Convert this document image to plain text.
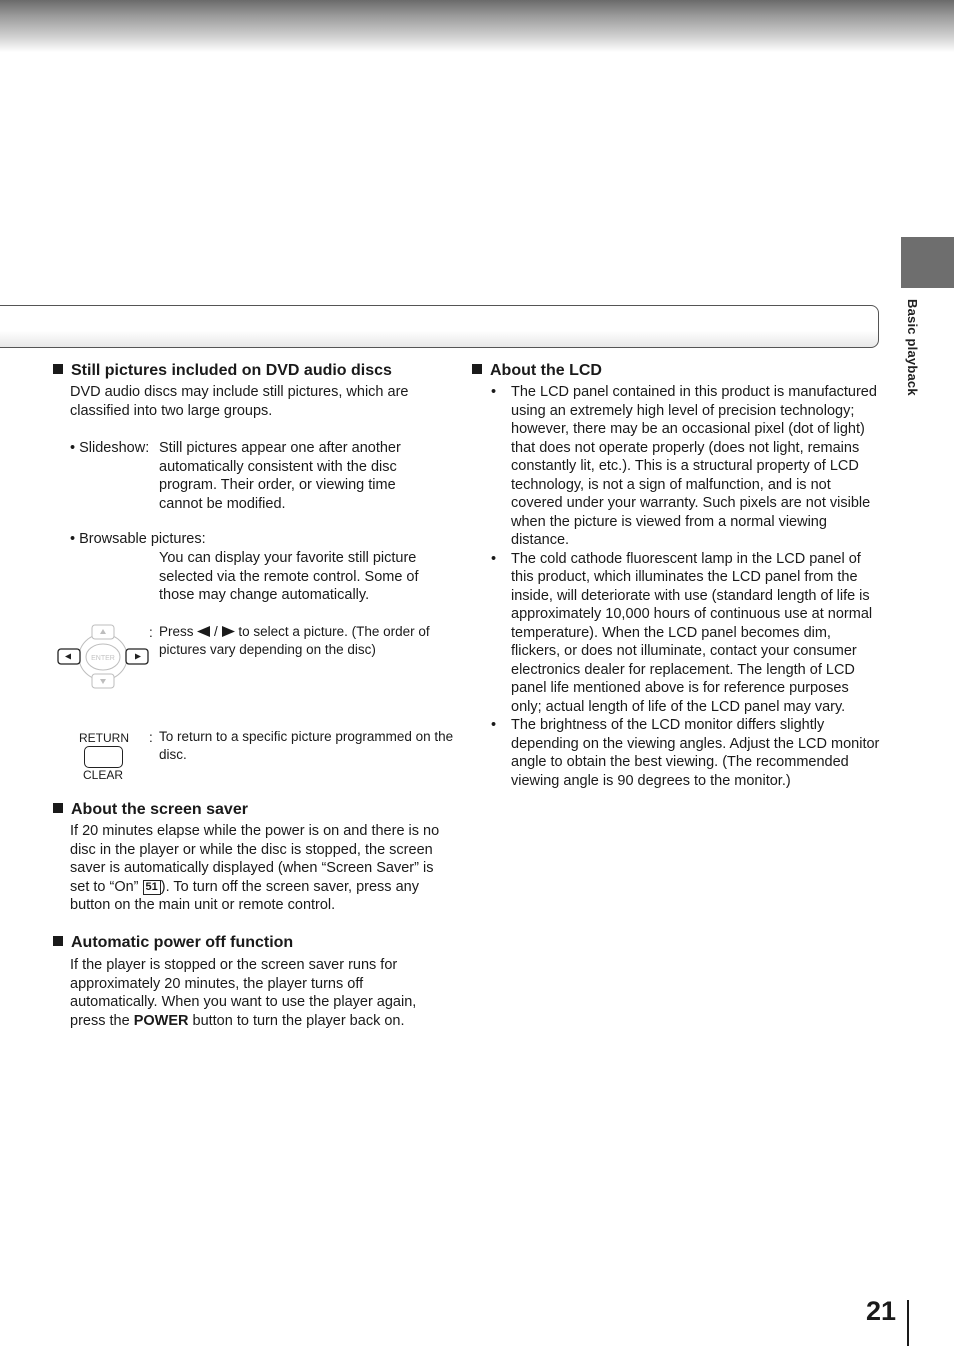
Basic playback
Still pictures included on DVD audio discs
DVD audio discs may include still pictures, which are classified into two large groups.
• Slideshow: Still pictures appear one after another automatically consistent with the disc program. Their order, or viewing time cannot be modified.
• Browsable pictures:
You can display your favorite still picture selected via the remote control. Some of those may change automatically.
ENTER
: Press  /  to select a picture. (The order of pictures vary depending on the disc)
RETURN
CLEAR
: To return to a specific picture programmed on the disc.
About the screen saver
If 20 minutes elapse while the power is on and there is no disc in the player or while the disc is stopped, the screen saver is automatically displayed (when “Screen Saver” is set to “On” 51 ). To turn off the screen saver, press any button on the main unit or remote control.
Automatic power off function
If the player is stopped or the screen saver runs for approximately 20 minutes, the player turns off automatically. When you want to use the player again, press the POWER button to turn the player back on.
About the LCD
• The LCD panel contained in this product is manufactured using an extremely high level of precision technology; however, there may be an occasional pixel (dot of light) that does not operate properly (does not light, remains constantly lit, etc.). This is a structural property of LCD technology, is not a sign of malfunction, and is not covered under your warranty. Such pixels are not visible when the picture is viewed from a normal viewing distance.
• The cold cathode fluorescent lamp in the LCD panel of this product, which illuminates the LCD panel from the inside, will deteriorate with use (standard length of life is approximately 10,000 hours of continuous use at normal temperature). When the LCD panel becomes dim, flickers, or does not illuminate, contact your consumer electronics dealer for replacement. The length of LCD panel life mentioned above is for reference purposes only; actual length of life of the LCD panel may vary.
• The brightness of the LCD monitor differs slightly depending on the viewing angles. Adjust the LCD monitor angle to obtain the best viewing. (The recommended viewing angle is 90 degrees to the monitor.)
21
